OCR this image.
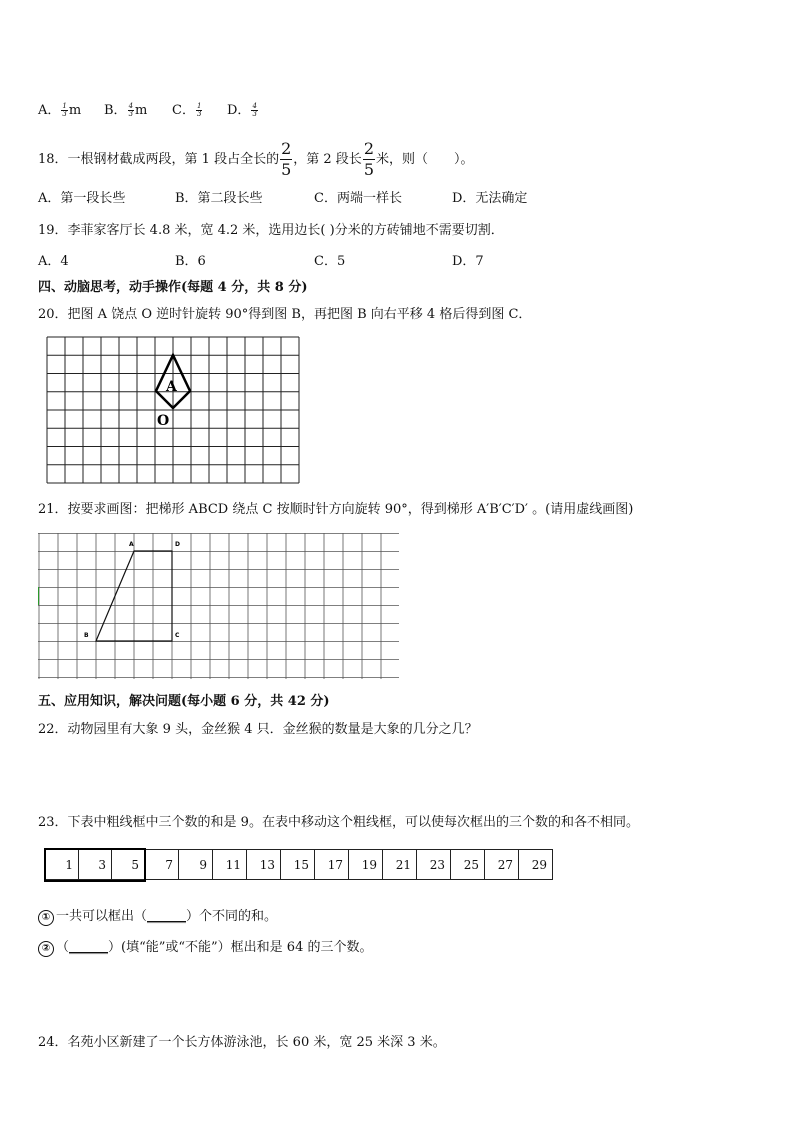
A． $\frac{1}{3}$ m B． $\frac{4}{3}$ m C． $\frac{1}{3}$ D． $\frac{4}{3}$
18．一根钢材截成两段，第 1 段占全长的 $\frac{2}{5}$ ，第 2 段长 $\frac{2}{5}$ 米，则（　　）。
A．第一段长些	B．第二段长些	C．两端一样长	D．无法确定
19．李菲家客厅长 4.8 米，宽 4.2 米，选用边长( )分米的方砖铺地不需要切割．
A．4	B．6	C．5	D．7
四、动脑思考，动手操作(每题 4 分，共 8 分)
20．把图 A 饶点 O 逆时针旋转 90°得到图 B，再把图 B 向右平移 4 格后得到图 C．
A
O
21．按要求画图：把梯形 ABCD 绕点 C 按顺时针方向旋转 90°，得到梯形 A′B′C′D′ 。(请用虚线画图)
A	D
B	C
五、应用知识，解决问题(每小题 6 分，共 42 分)
22．动物园里有大象 9 头，金丝猴 4 只．金丝猴的数量是大象的几分之几？
23．下表中粗线框中三个数的和是 9。在表中移动这个粗线框，可以使每次框出的三个数的和各不相同。
1	3	5	7	9	11	13	15	17	19	21	23	25	27	29
① 一共可以框出（______）个不同的和。
② （______）(填“能”或“不能”）框出和是 64 的三个数。
24．名苑小区新建了一个长方体游泳池，长 60 米，宽 25 米深 3 米。
